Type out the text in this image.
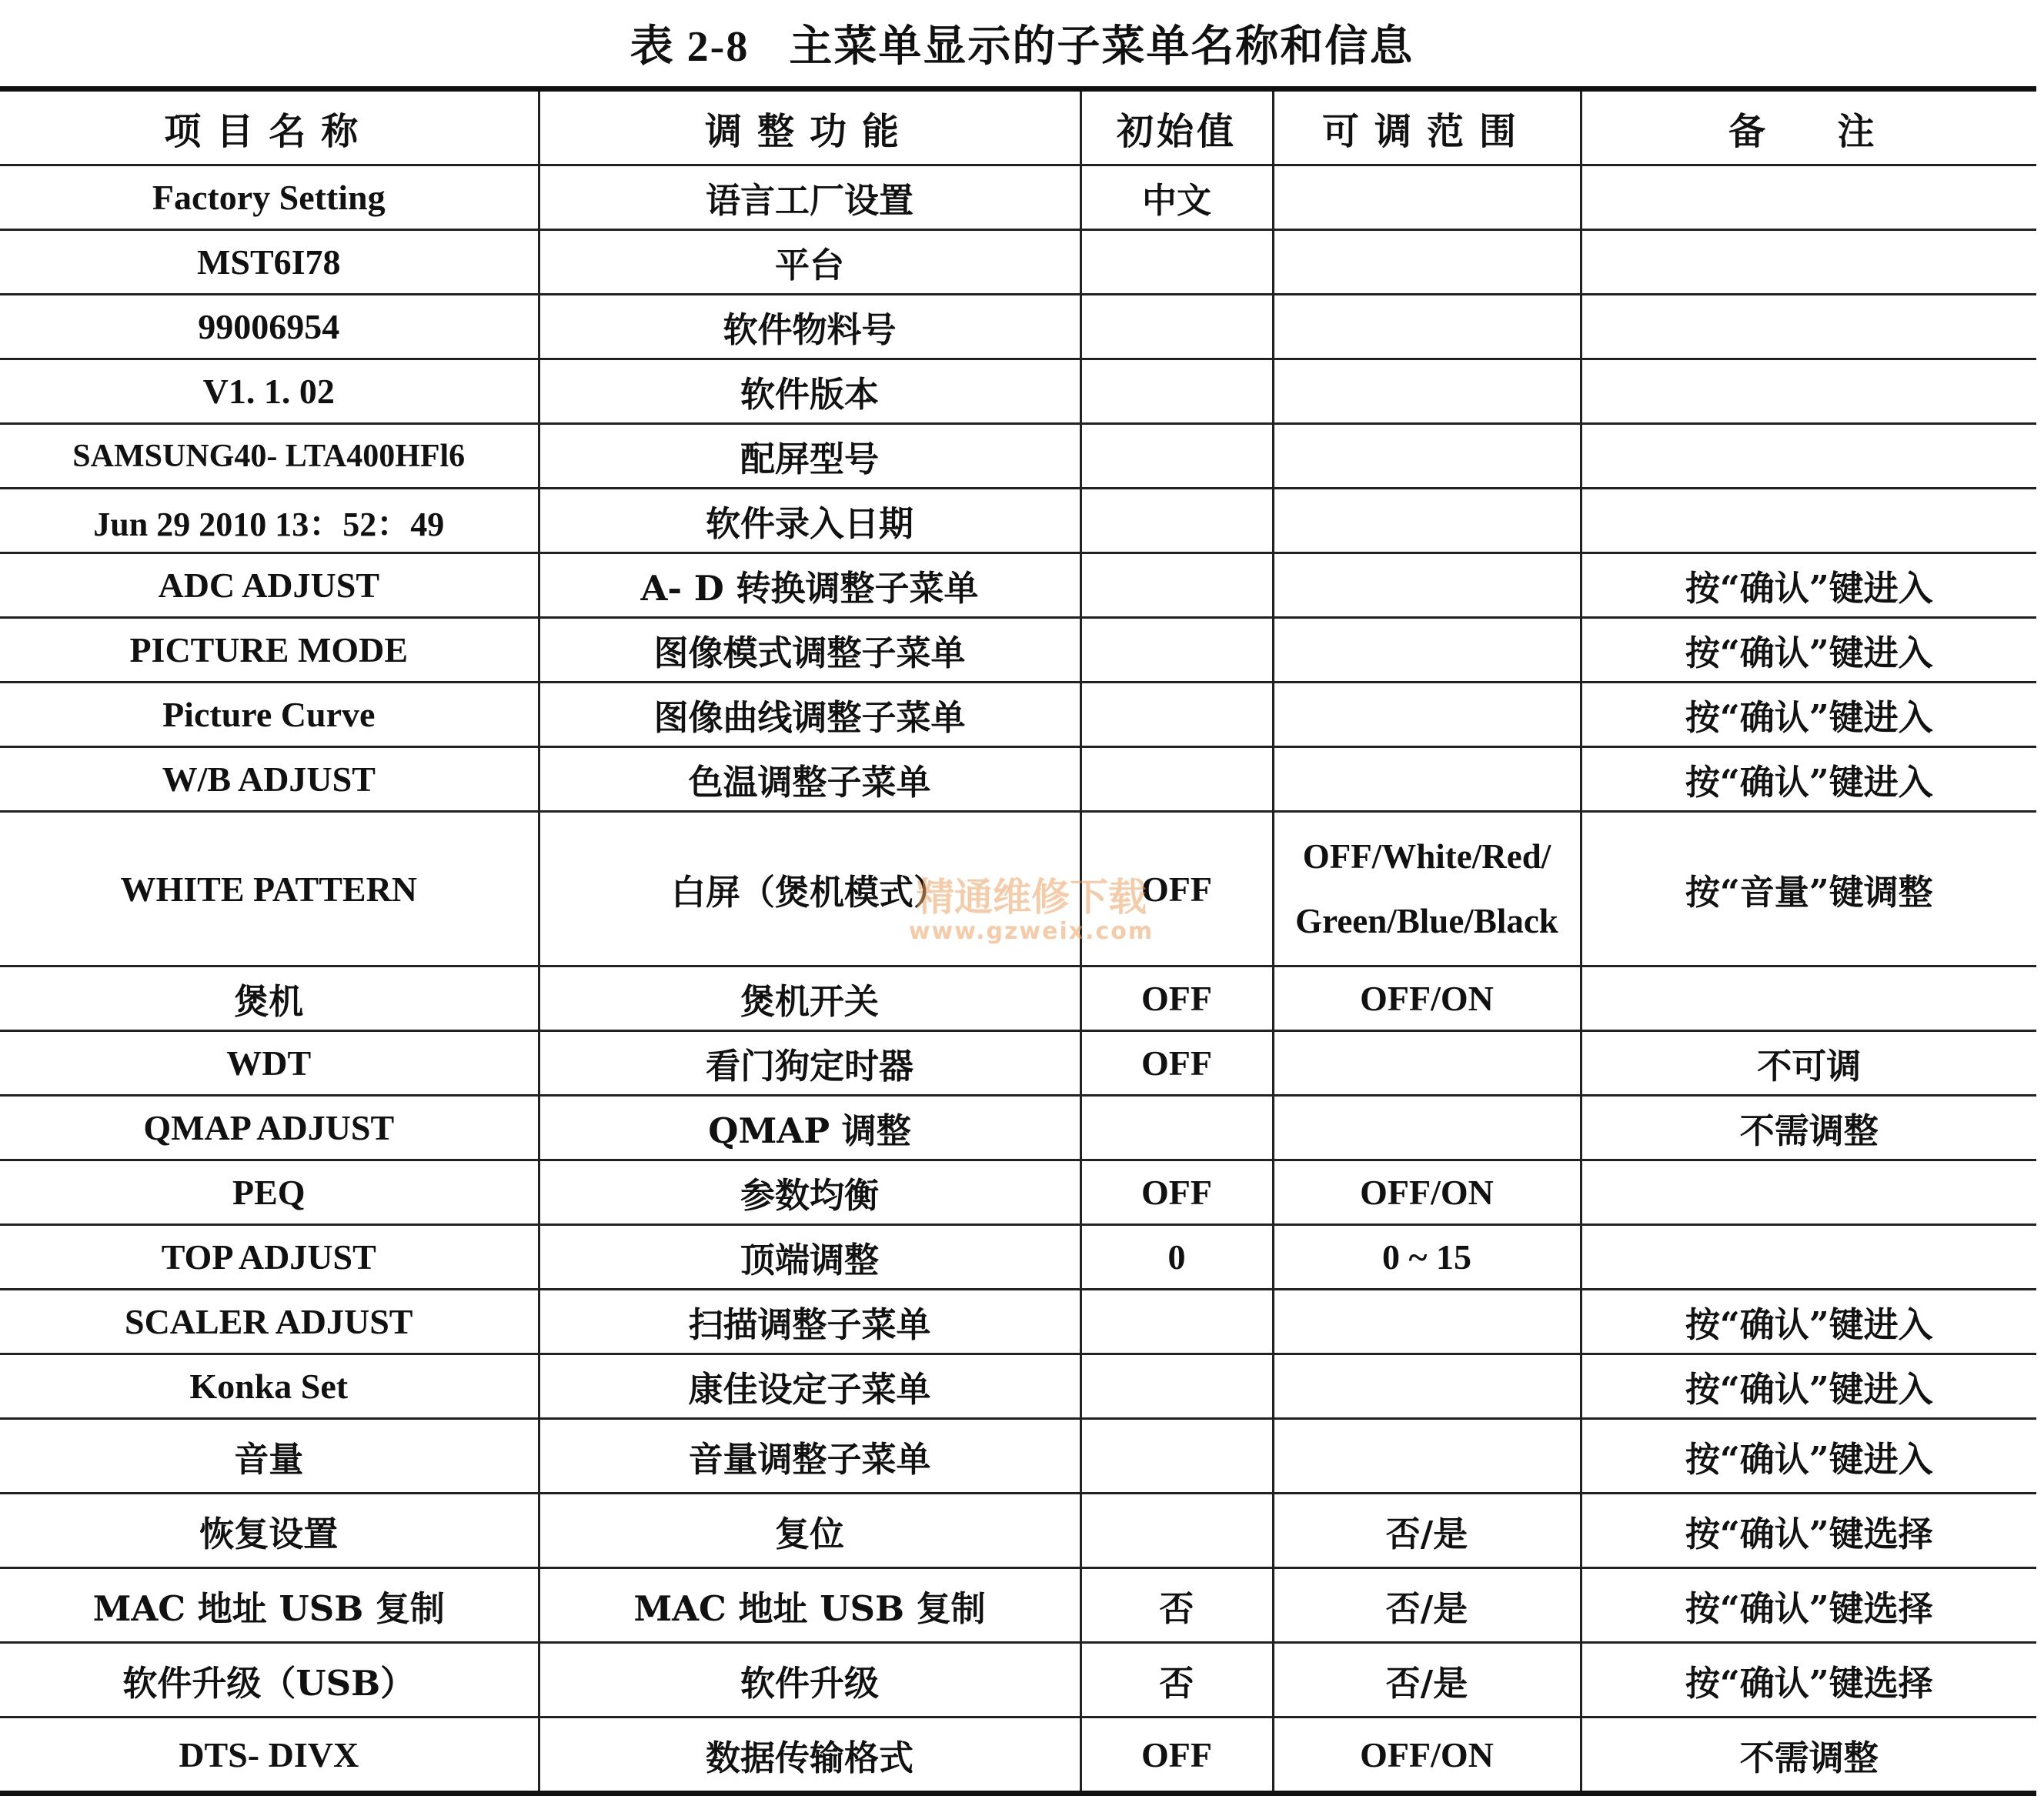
表 2-8 主菜单显示的子菜单名称和信息
项目名称	调整功能	初始值	可调范围	备  注
Factory Setting	语言工厂设置	中文		
MST6I78	平台			
99006954	软件物料号			
V1. 1. 02	软件版本			
SAMSUNG40- LTA400HFl6	配屏型号			
Jun 29 2010 13：52：49	软件录入日期			
ADC ADJUST	A- D 转换调整子菜单			按“确认”键进入
PICTURE MODE	图像模式调整子菜单			按“确认”键进入
Picture Curve	图像曲线调整子菜单			按“确认”键进入
W/B ADJUST	色温调整子菜单			按“确认”键进入
WHITE PATTERN	白屏（煲机模式）	OFF	OFF/White/Red/ Green/Blue/Black	按“音量”键调整
煲机	煲机开关	OFF	OFF/ON	
WDT	看门狗定时器	OFF		不可调
QMAP ADJUST	QMAP 调整			不需调整
PEQ	参数均衡	OFF	OFF/ON	
TOP ADJUST	顶端调整	0	0 ~ 15	
SCALER ADJUST	扫描调整子菜单			按“确认”键进入
Konka Set	康佳设定子菜单			按“确认”键进入
音量	音量调整子菜单			按“确认”键进入
恢复设置	复位		否/是	按“确认”键选择
MAC 地址 USB 复制	MAC 地址 USB 复制	否	否/是	按“确认”键选择
软件升级（USB）	软件升级	否	否/是	按“确认”键选择
DTS- DIVX	数据传输格式	OFF	OFF/ON	不需调整
精通维修下载
www.gzweix.com
